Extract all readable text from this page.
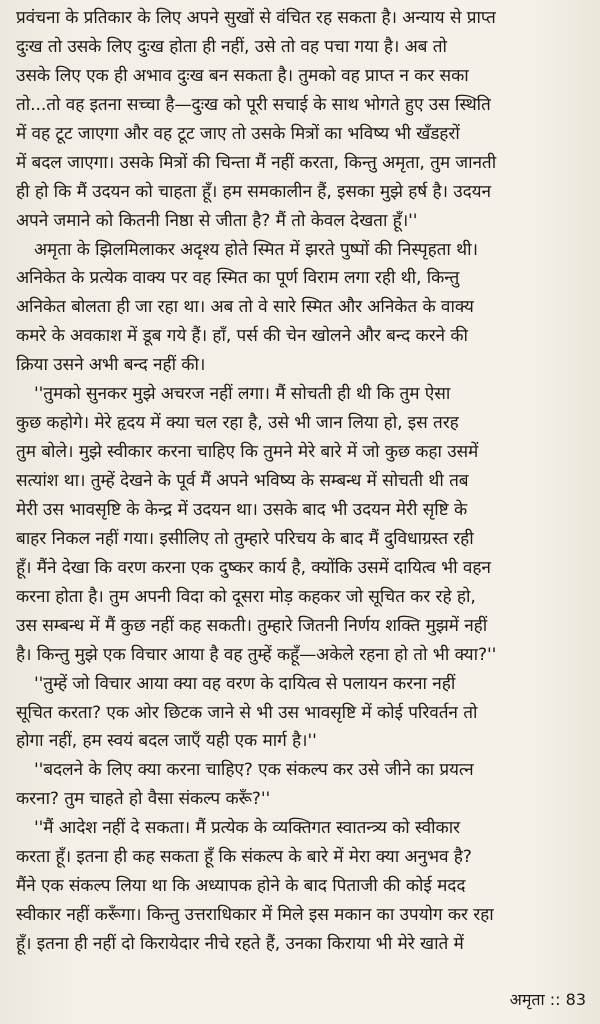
प्रवंचना के प्रतिकार के लिए अपने सुखों से वंचित रह सकता है। अन्याय से प्राप्त
दुःख तो उसके लिए दुःख होता ही नहीं, उसे तो वह पचा गया है। अब तो
उसके लिए एक ही अभाव दुःख बन सकता है। तुमको वह प्राप्त न कर सका
तो...तो वह इतना सच्चा है—दुःख को पूरी सचाई के साथ भोगते हुए उस स्थिति
में वह टूट जाएगा और वह टूट जाए तो उसके मित्रों का भविष्य भी खँडहरों
में बदल जाएगा। उसके मित्रों की चिन्ता मैं नहीं करता, किन्तु अमृता, तुम जानती
ही हो कि मैं उदयन को चाहता हूँ। हम समकालीन हैं, इसका मुझे हर्ष है। उदयन
अपने जमाने को कितनी निष्ठा से जीता है? मैं तो केवल देखता हूँ।''
अमृता के झिलमिलाकर अदृश्य होते स्मित में झरते पुष्पों की निस्पृहता थी।
अनिकेत के प्रत्येक वाक्य पर वह स्मित का पूर्ण विराम लगा रही थी, किन्तु
अनिकेत बोलता ही जा रहा था। अब तो वे सारे स्मित और अनिकेत के वाक्य
कमरे के अवकाश में डूब गये हैं। हाँ, पर्स की चेन खोलने और बन्द करने की
क्रिया उसने अभी बन्द नहीं की।
''तुमको सुनकर मुझे अचरज नहीं लगा। मैं सोचती ही थी कि तुम ऐसा
कुछ कहोगे। मेरे हृदय में क्या चल रहा है, उसे भी जान लिया हो, इस तरह
तुम बोले। मुझे स्वीकार करना चाहिए कि तुमने मेरे बारे में जो कुछ कहा उसमें
सत्यांश था। तुम्हें देखने के पूर्व मैं अपने भविष्य के सम्बन्ध में सोचती थी तब
मेरी उस भावसृष्टि के केन्द्र में उदयन था। उसके बाद भी उदयन मेरी सृष्टि के
बाहर निकल नहीं गया। इसीलिए तो तुम्हारे परिचय के बाद मैं दुविधाग्रस्त रही
हूँ। मैंने देखा कि वरण करना एक दुष्कर कार्य है, क्योंकि उसमें दायित्व भी वहन
करना होता है। तुम अपनी विदा को दूसरा मोड़ कहकर जो सूचित कर रहे हो,
उस सम्बन्ध में मैं कुछ नहीं कह सकती। तुम्हारे जितनी निर्णय शक्ति मुझमें नहीं
है। किन्तु मुझे एक विचार आया है वह तुम्हें कहूँ—अकेले रहना हो तो भी क्या?''
''तुम्हें जो विचार आया क्या वह वरण के दायित्व से पलायन करना नहीं
सूचित करता? एक ओर छिटक जाने से भी उस भावसृष्टि में कोई परिवर्तन तो
होगा नहीं, हम स्वयं बदल जाएँ यही एक मार्ग है।''
''बदलने के लिए क्या करना चाहिए? एक संकल्प कर उसे जीने का प्रयत्न
करना? तुम चाहते हो वैसा संकल्प करूँ?''
''मैं आदेश नहीं दे सकता। मैं प्रत्येक के व्यक्तिगत स्वातन्त्र्य को स्वीकार
करता हूँ। इतना ही कह सकता हूँ कि संकल्प के बारे में मेरा क्या अनुभव है?
मैंने एक संकल्प लिया था कि अध्यापक होने के बाद पिताजी की कोई मदद
स्वीकार नहीं करूँगा। किन्तु उत्तराधिकार में मिले इस मकान का उपयोग कर रहा
हूँ। इतना ही नहीं दो किरायेदार नीचे रहते हैं, उनका किराया भी मेरे खाते में
अमृता :: 83
